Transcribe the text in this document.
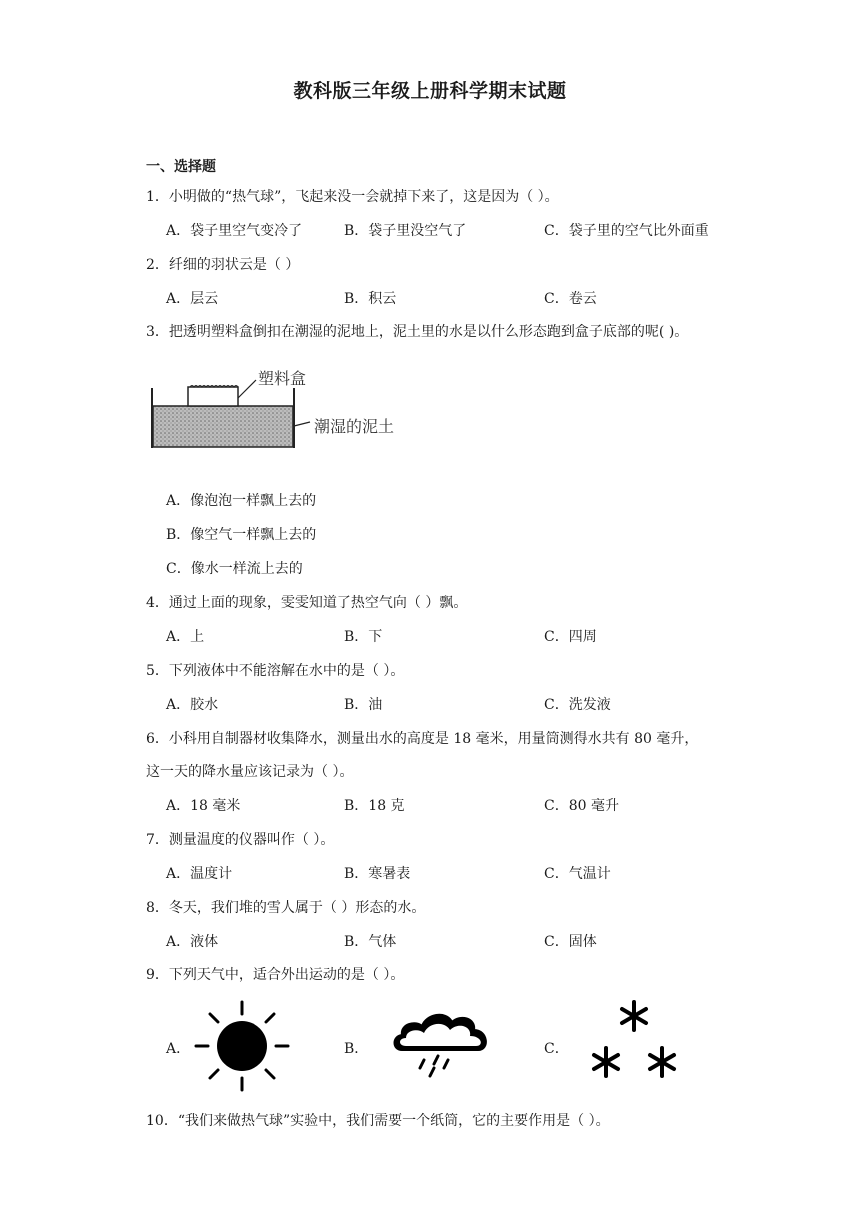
教科版三年级上册科学期末试题
一、选择题
1．小明做的“热气球”，飞起来没一会就掉下来了，这是因为（ ）。
A．袋子里空气变冷了	B．袋子里没空气了	C．袋子里的空气比外面重
2．纤细的羽状云是（ ）
A．层云	B．积云	C．卷云
3．把透明塑料盒倒扣在潮湿的泥地上，泥土里的水是以什么形态跑到盒子底部的呢( )。
塑料盒
潮湿的泥土
A．像泡泡一样飘上去的
B．像空气一样飘上去的
C．像水一样流上去的
4．通过上面的现象，雯雯知道了热空气向（ ）飘。
A．上	B．下	C．四周
5．下列液体中不能溶解在水中的是（ ）。
A．胶水	B．油	C．洗发液
6．小科用自制器材收集降水，测量出水的高度是 18 毫米，用量筒测得水共有 80 毫升，
这一天的降水量应该记录为（ ）。
A．18 毫米	B．18 克	C．80 毫升
7．测量温度的仪器叫作（ ）。
A．温度计	B．寒暑表	C．气温计
8．冬天，我们堆的雪人属于（ ）形态的水。
A．液体	B．气体	C．固体
9．下列天气中，适合外出运动的是（ ）。
A．	B．	C．
10．“我们来做热气球”实验中，我们需要一个纸筒，它的主要作用是（ ）。
